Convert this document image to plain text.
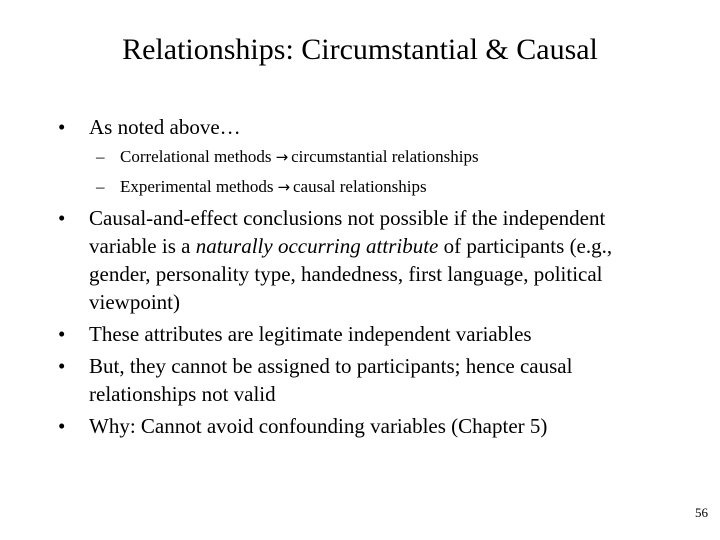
Relationships: Circumstantial & Causal
• As noted above…
– Correlational methods → circumstantial relationships
– Experimental methods → causal relationships
• Causal-and-effect conclusions not possible if the independent variable is a naturally occurring attribute of participants (e.g., gender, personality type, handedness, first language, political viewpoint)
• These attributes are legitimate independent variables
• But, they cannot be assigned to participants; hence causal relationships not valid
• Why: Cannot avoid confounding variables (Chapter 5)
56
